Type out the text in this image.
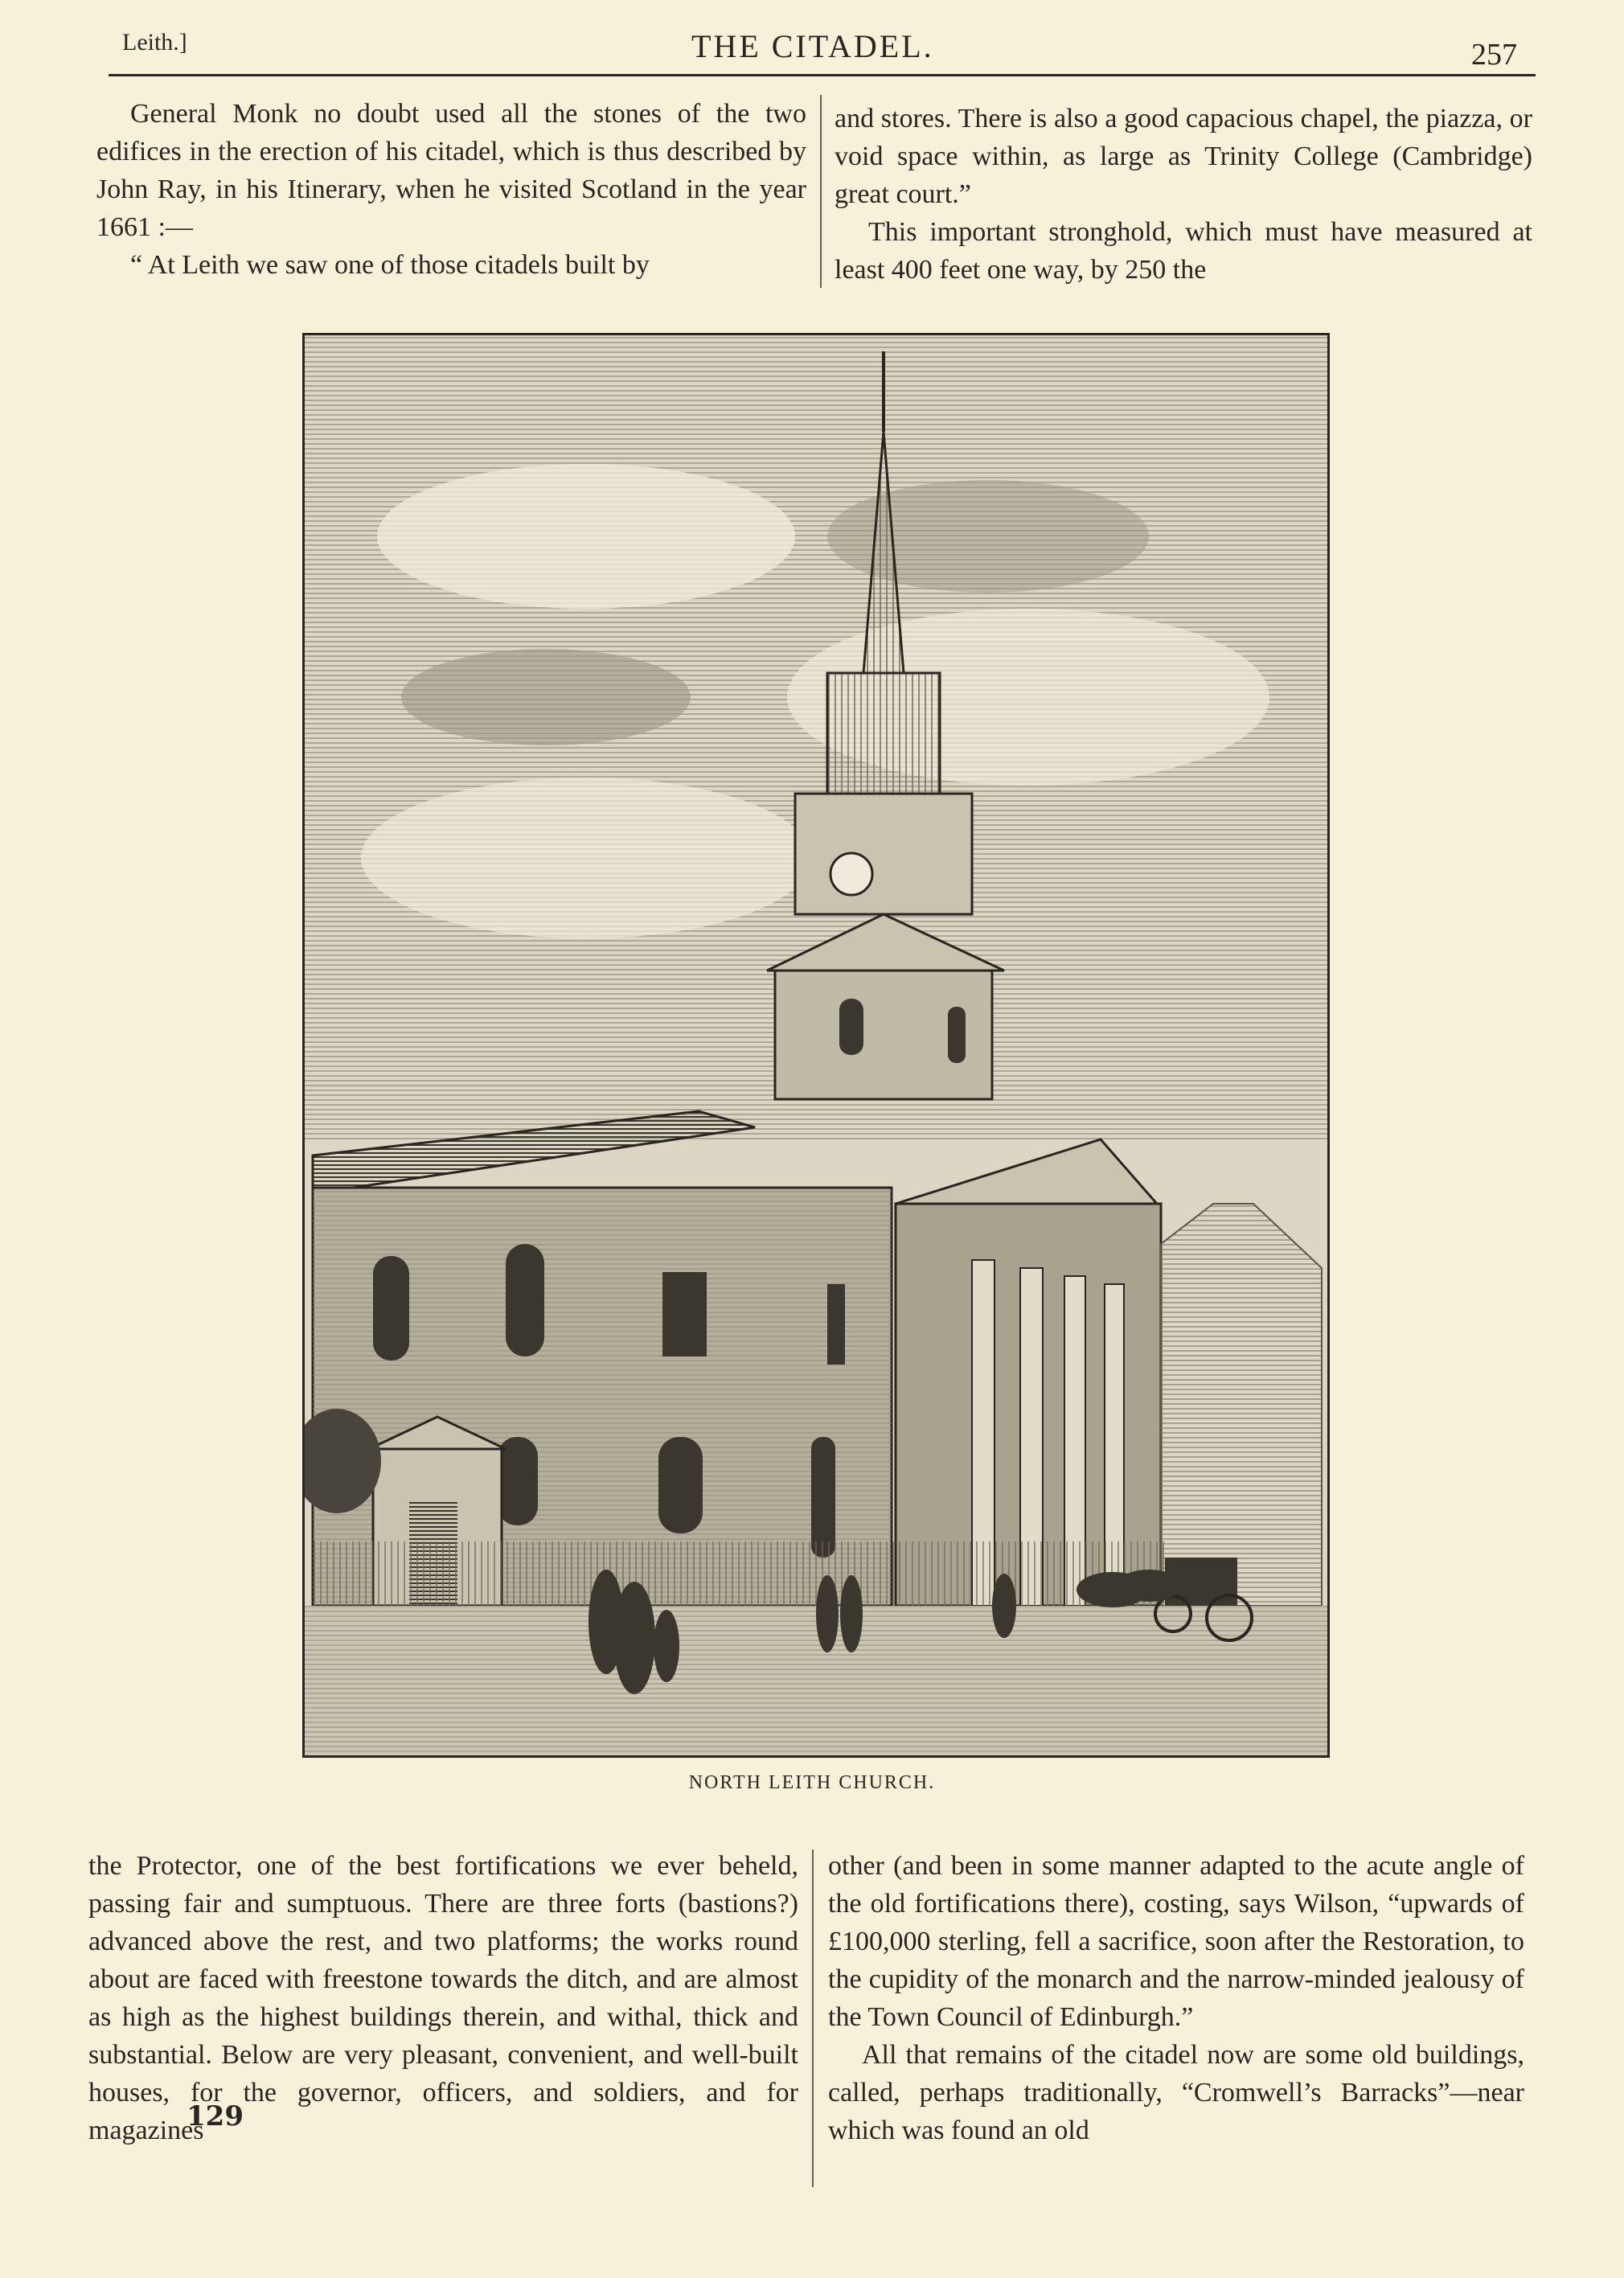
Leith.]	THE CITADEL.	257

General Monk no doubt used all the stones of the two edifices in the erection of his citadel, which is thus described by John Ray, in his Itinerary, when he visited Scotland in the year 1661 :—

“ At Leith we saw one of those citadels built by

and stores. There is also a good capacious chapel, the piazza, or void space within, as large as Trinity College (Cambridge) great court.”

This important stronghold, which must have measured at least 400 feet one way, by 250 the

NORTH LEITH CHURCH.

the Protector, one of the best fortifications we ever beheld, passing fair and sumptuous. There are three forts (bastions?) advanced above the rest, and two platforms; the works round about are faced with freestone towards the ditch, and are almost as high as the highest buildings therein, and withal, thick and substantial. Below are very pleasant, convenient, and well-built houses, for the governor, officers, and soldiers, and for magazines

other (and been in some manner adapted to the acute angle of the old fortifications there), costing, says Wilson, “upwards of £100,000 sterling, fell a sacrifice, soon after the Restoration, to the cupidity of the monarch and the narrow-minded jealousy of the Town Council of Edinburgh.”

All that remains of the citadel now are some old buildings, called, perhaps traditionally, “Cromwell’s Barracks”—near which was found an old

129
